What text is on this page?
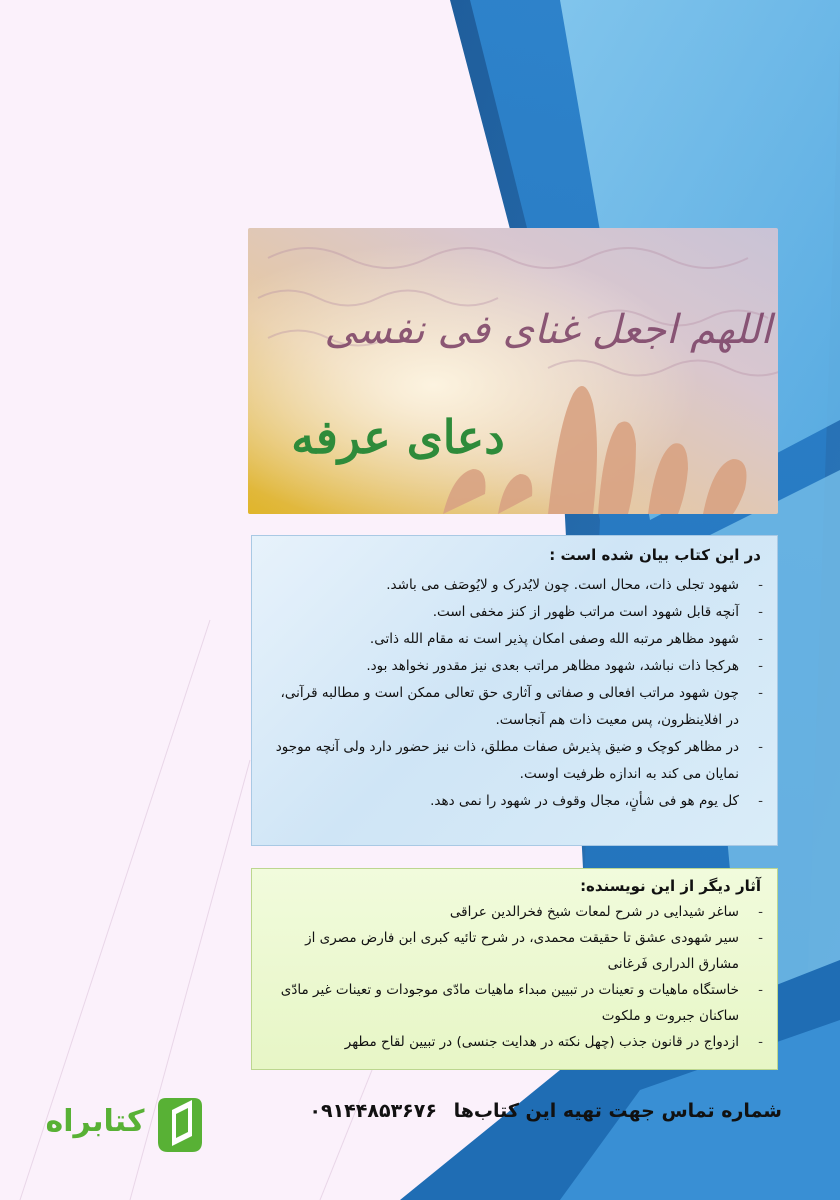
اللهم اجعل غنای فی نفسی
دعای عرفه
در این کتاب بیان شده است :
-
شهود تجلی ذات، محال است. چون لایُدرک و لایُوصَف می باشد.
-
آنچه قابل شهود است مراتب ظهور از کنز مخفی است.
-
شهود مظاهر مرتبه الله وصفی امکان پذیر است نه مقام الله ذاتی.
-
هرکجا ذات نباشد، شهود مظاهر مراتب بعدی نیز مقدور نخواهد بود.
-
چون شهود مراتب افعالی و صفاتی و آثاری حق تعالی ممکن است و مطالبه قرآنی، در افلاینظرون، پس معیت ذات هم آنجاست.
-
در مظاهر کوچک و ضیق پذیرش صفات مطلق، ذات نیز حضور دارد ولی آنچه موجود نمایان می کند به اندازه ظرفیت اوست.
-
کل یوم هو فی شأنٍ، مجال وقوف در شهود را نمی دهد.
آثار دیگر از این نویسنده:
-
ساغر شیدایی در شرح لمعات شیخ فخرالدین عراقی
-
سیر شهودی عشق تا حقیقت محمدی، در شرح تائیه کبری ابن فارض مصری از مشارق الدراری فَرغانی
-
خاستگاه ماهیات و تعینات در تبیین مبداء ماهیات مادّی موجودات و تعینات غیر مادّی ساکنان جبروت و ملکوت
-
ازدواج در قانون جذب (چهل نکته در هدایت جنسی) در تبیین لقاح مطهر
شماره تماس جهت تهیه این کتاب‌ها ۰۹۱۴۴۸۵۳۶۷۶
کتابراه
